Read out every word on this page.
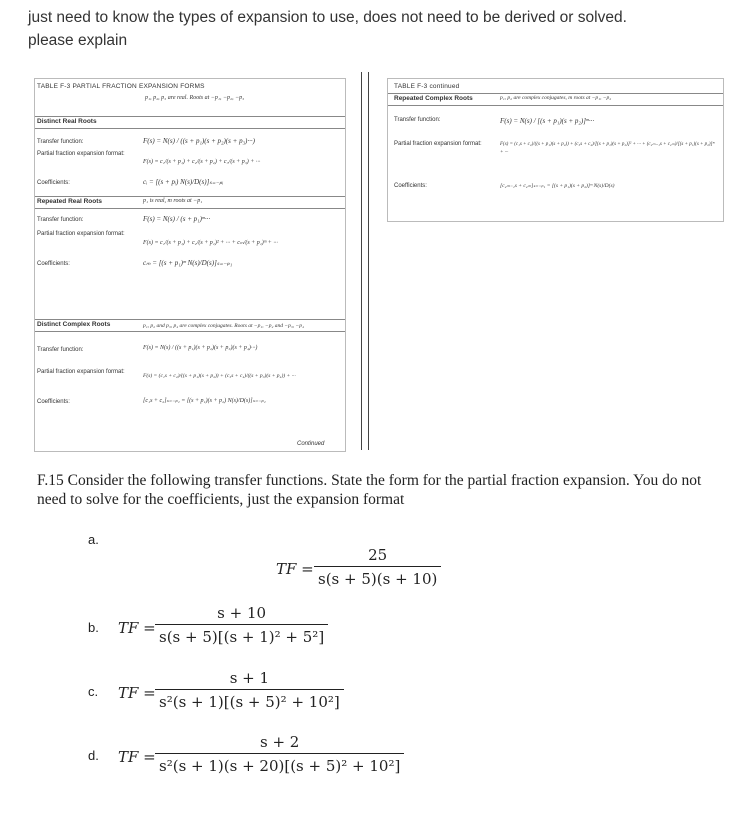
just need to know the types of expansion to use, does not need to be derived or solved.
please explain
TABLE F-3 PARTIAL FRACTION EXPANSION FORMS
p₁, p₂, p₃ are real. Roots at −p₁, −p₂, −p₃
Distinct Real Roots
Transfer function:	F(s) = N(s) / ((s + p₁)(s + p₂)(s + p₃)···)
Partial fraction expansion format:
F(s) = c₁/(s + p₁) + c₂/(s + p₂) + c₃/(s + p₃) + ···
Coefficients:	cᵢ = [(s + pᵢ) N(s)/D(s)]ₛ₌₋ₚᵢ
Repeated Real Roots	p₁ is real, m roots at −p₁
Transfer function:	F(s) = N(s) / (s + p₁)ᵐ···
Partial fraction expansion format:
F(s) = c₁/(s + p₁) + c₂/(s + p₁)² + ··· + cₘ/(s + p₁)ᵐ + ···
Coefficients:	cₘ = [(s + p₁)ᵐ N(s)/D(s)]ₛ₌₋ₚ₁
Distinct Complex Roots	p₁, p₂ and p₃, p₄ are complex conjugates. Roots at −p₁, −p₂ and −p₃, −p₄
Transfer function:	F(s) = N(s) / ((s + p₁)(s + p₂)(s + p₃)(s + p₄)···)
Partial fraction expansion format:
F(s) = (c₁s + c₂)/((s + p₁)(s + p₂)) + (c₃s + c₄)/((s + p₃)(s + p₄)) + ···
Coefficients:	[c₁s + c₂]ₛ₌₋ₚ₁ = [(s + p₁)(s + p₂) N(s)/D(s)]ₛ₌₋ₚ₁
Continued
TABLE F-3 continued
Repeated Complex Roots	p₁, p₂ are complex conjugates, m roots at −p₁, −p₂
Transfer function:	F(s) = N(s) / [(s + p₁)(s + p₂)]ᵐ···
Partial fraction expansion format:	F(s) = (c₁s + c₂)/((s + p₁)(s + p₂)) + (c₃s + c₄)/[(s + p₁)(s + p₂)]² + ··· + (c₂ₘ₋₁s + c₂ₘ)/[(s + p₁)(s + p₂)]ᵐ + ···
Coefficients:	[c₂ₘ₋₁s + c₂ₘ]ₛ₌₋ₚ₁ = [(s + p₁)(s + p₂)]ᵐ N(s)/D(s)
F.15 Consider the following transfer functions. State the form for the partial fraction expansion. You do not need to solve for the coefficients, just the expansion format
a.
TF =
25
s(s + 5)(s + 10)
b. TF =
s + 10
s(s + 5)[(s + 1)² + 5²]
c. TF =
s + 1
s²(s + 1)[(s + 5)² + 10²]
d. TF =
s + 2
s²(s + 1)(s + 20)[(s + 5)² + 10²]
